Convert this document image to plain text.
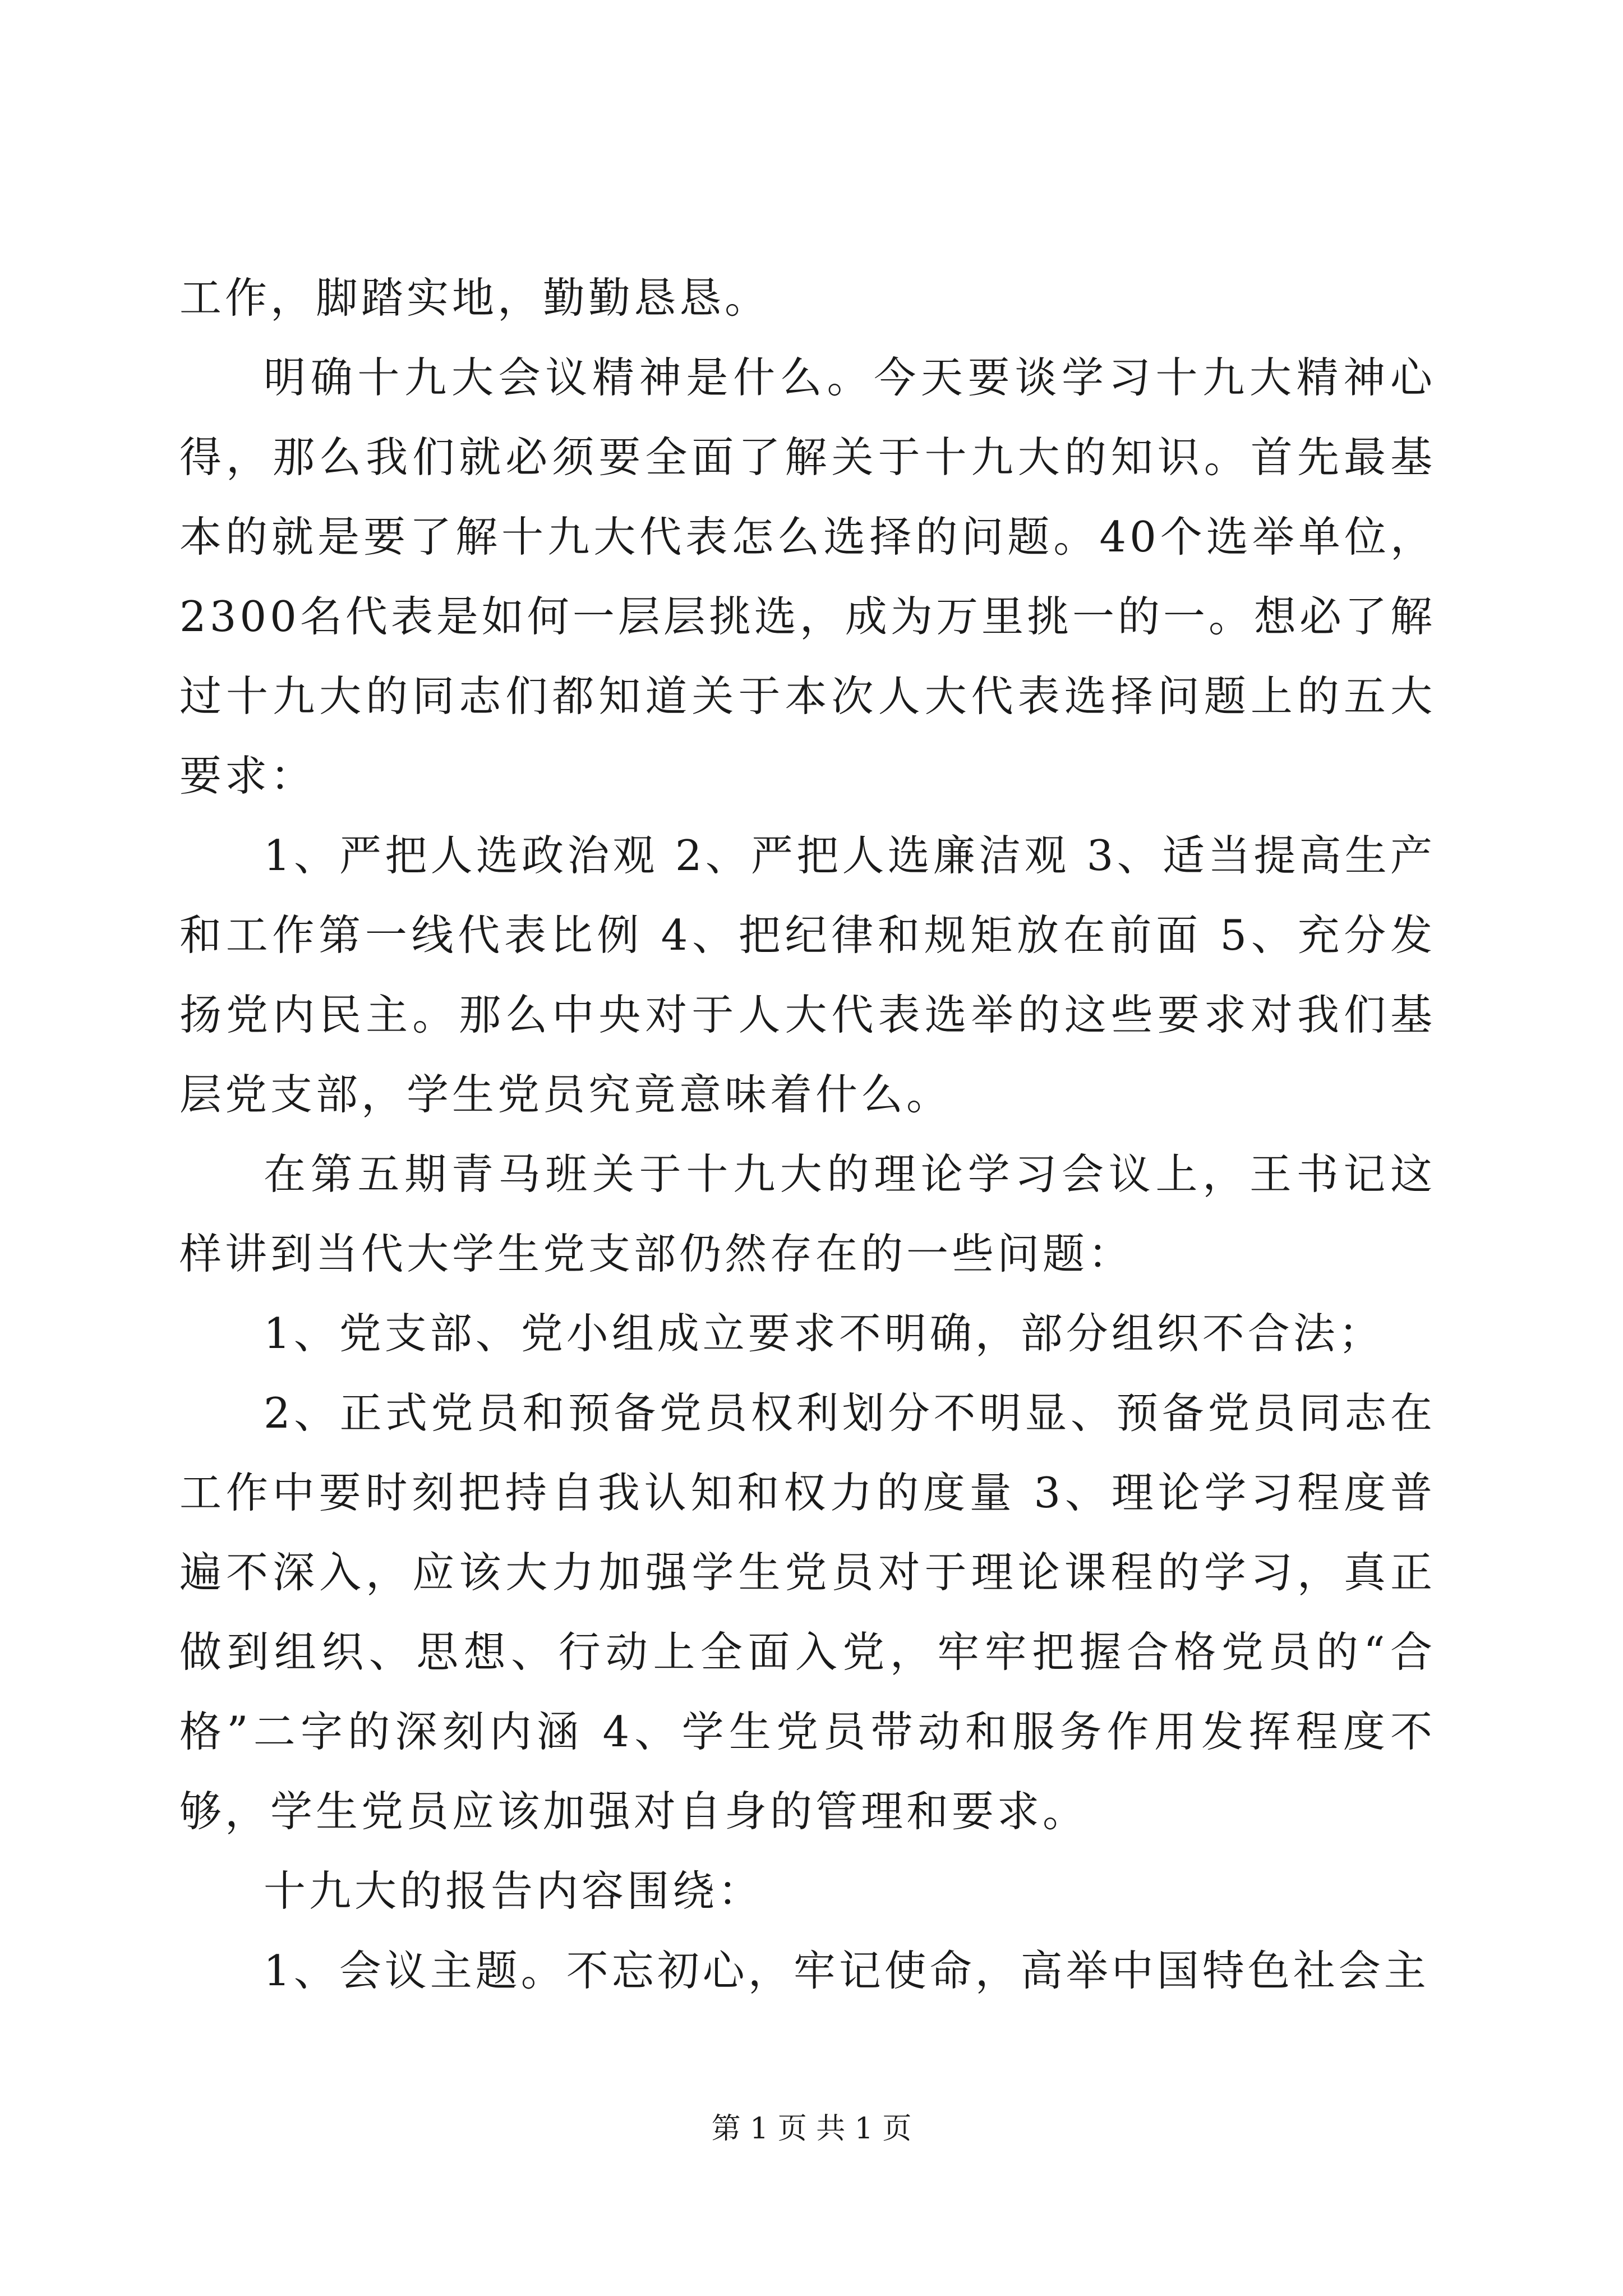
工作，脚踏实地，勤勤恳恳。

明确十九大会议精神是什么。今天要谈学习十九大精神心得，那么我们就必须要全面了解关于十九大的知识。首先最基本的就是要了解十九大代表怎么选择的问题。40个选举单位，2300名代表是如何一层层挑选，成为万里挑一的一。想必了解过十九大的同志们都知道关于本次人大代表选择问题上的五大要求：

1、严把人选政治观 2、严把人选廉洁观 3、适当提高生产和工作第一线代表比例 4、把纪律和规矩放在前面 5、充分发扬党内民主。那么中央对于人大代表选举的这些要求对我们基层党支部，学生党员究竟意味着什么。

在第五期青马班关于十九大的理论学习会议上，王书记这样讲到当代大学生党支部仍然存在的一些问题：

1、党支部、党小组成立要求不明确，部分组织不合法；

2、正式党员和预备党员权利划分不明显、预备党员同志在工作中要时刻把持自我认知和权力的度量 3、理论学习程度普遍不深入，应该大力加强学生党员对于理论课程的学习，真正做到组织、思想、行动上全面入党，牢牢把握合格党员的“合格”二字的深刻内涵 4、学生党员带动和服务作用发挥程度不够，学生党员应该加强对自身的管理和要求。

十九大的报告内容围绕：

1、会议主题。不忘初心，牢记使命，高举中国特色社会主

第 1 页 共 1 页
